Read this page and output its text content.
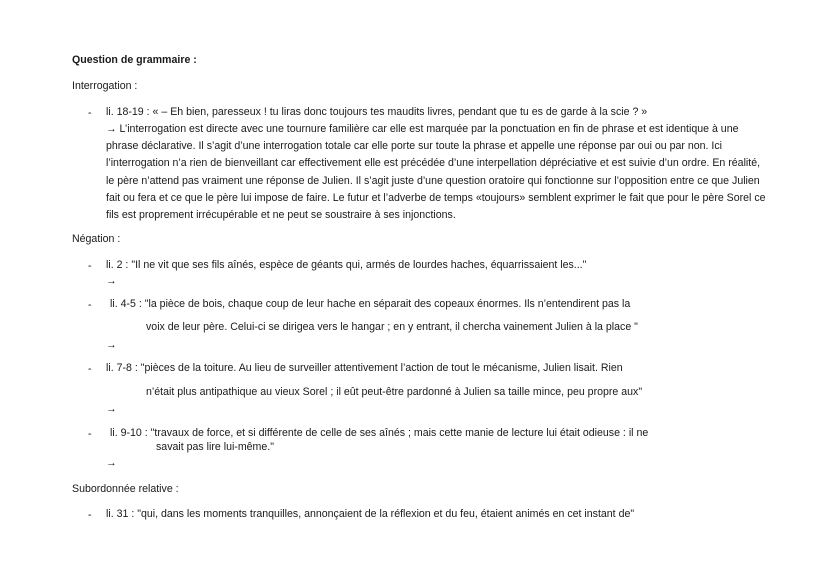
Question de grammaire :
Interrogation :
-	li. 18-19 : « – Eh bien, paresseux ! tu liras donc toujours tes maudits livres, pendant que tu es de garde à la scie ? »
→ L’interrogation est directe avec une tournure familière car elle est marquée par la ponctuation en fin de phrase et est identique à une phrase déclarative. Il s’agit d’une interrogation totale car elle porte sur toute la phrase et appelle une réponse par oui ou par non. Ici l’interrogation n’a rien de bienveillant car effectivement elle est précédée d’une interpellation dépréciative et est suivie d’un ordre. En réalité, le père n’attend pas vraiment une réponse de Julien. Il s’agit juste d’une question oratoire qui fonctionne sur l’opposition entre ce que Julien fait ou fera et ce que le père lui impose de faire. Le futur et l’adverbe de temps «toujours» semblent exprimer le fait que pour le père Sorel ce fils est proprement irrécupérable et ne peut se soustraire à ses injonctions.
Négation :
-	li. 2 : "Il ne vit que ses fils aînés, espèce de géants qui, armés de lourdes haches, équarrissaient les..."
→
-	li. 4-5 : "la pièce de bois, chaque coup de leur hache en séparait des copeaux énormes. Ils n’entendirent pas la
voix de leur père. Celui-ci se dirigea vers le hangar ; en y entrant, il chercha vainement Julien à la place "
→
-	li. 7-8 : "pièces de la toiture. Au lieu de surveiller attentivement l’action de tout le mécanisme, Julien lisait. Rien
n’était plus antipathique au vieux Sorel ; il eût peut-être pardonné à Julien sa taille mince, peu propre aux"
→
-	li. 9-10 : "travaux de force, et si différente de celle de ses aînés ; mais cette manie de lecture lui était odieuse : il ne
savait pas lire lui-même."
→
Subordonnée relative :
-	li. 31 : "qui, dans les moments tranquilles, annonçaient de la réflexion et du feu, étaient animés en cet instant de"
